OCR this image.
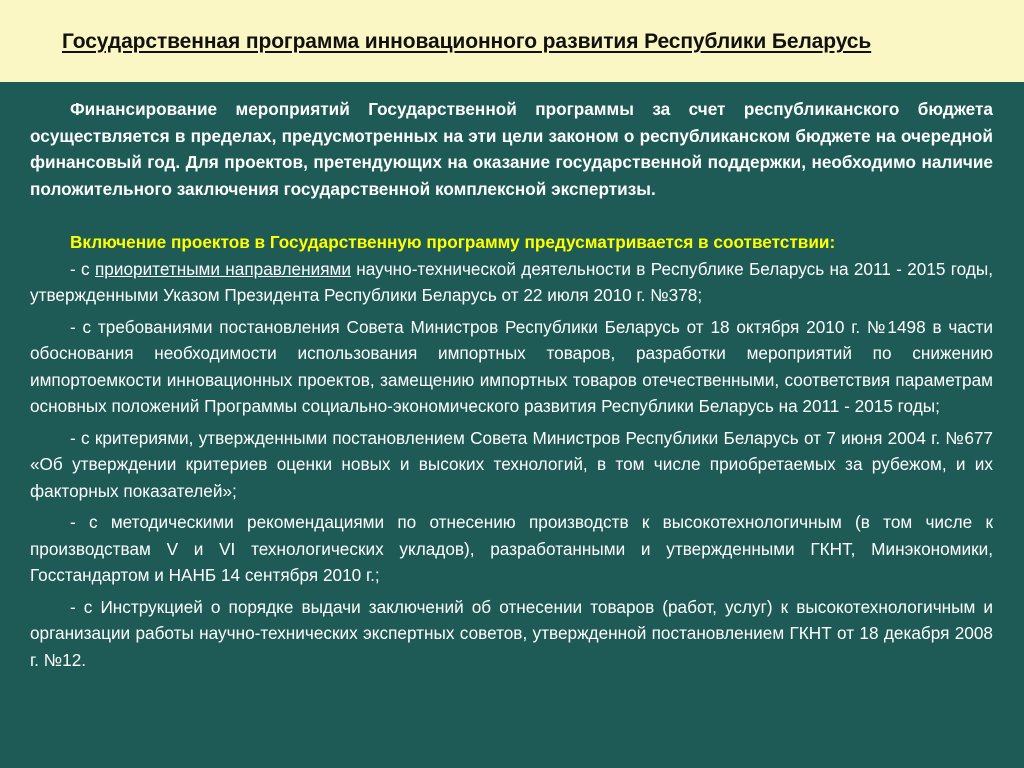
Государственная программа инновационного развития Республики Беларусь

Финансирование мероприятий Государственной программы за счет республиканского бюджета осуществляется в пределах, предусмотренных на эти цели законом о республиканском бюджете на очередной финансовый год. Для проектов, претендующих на оказание государственной поддержки, необходимо наличие положительного заключения государственной комплексной экспертизы.

Включение проектов в Государственную программу предусматривается в соответствии:

- с приоритетными направлениями научно-технической деятельности в Республике Беларусь на 2011 - 2015 годы, утвержденными Указом Президента Республики Беларусь от 22 июля 2010 г. №378;

- с требованиями постановления Совета Министров Республики Беларусь от 18 октября 2010 г. №1498 в части обоснования необходимости использования импортных товаров, разработки мероприятий по снижению импортоемкости инновационных проектов, замещению импортных товаров отечественными, соответствия параметрам основных положений Программы социально-экономического развития Республики Беларусь на 2011 - 2015 годы;

- с критериями, утвержденными постановлением Совета Министров Республики Беларусь от 7 июня 2004 г. №677 «Об утверждении критериев оценки новых и высоких технологий, в том числе приобретаемых за рубежом, и их факторных показателей»;

- с методическими рекомендациями по отнесению производств к высокотехнологичным (в том числе к производствам V и VI технологических укладов), разработанными и утвержденными ГКНТ, Минэкономики, Госстандартом и НАНБ 14 сентября 2010 г.;

- с Инструкцией о порядке выдачи заключений об отнесении товаров (работ, услуг) к высокотехнологичным и организации работы научно-технических экспертных советов, утвержденной постановлением ГКНТ от 18 декабря 2008 г. №12.
